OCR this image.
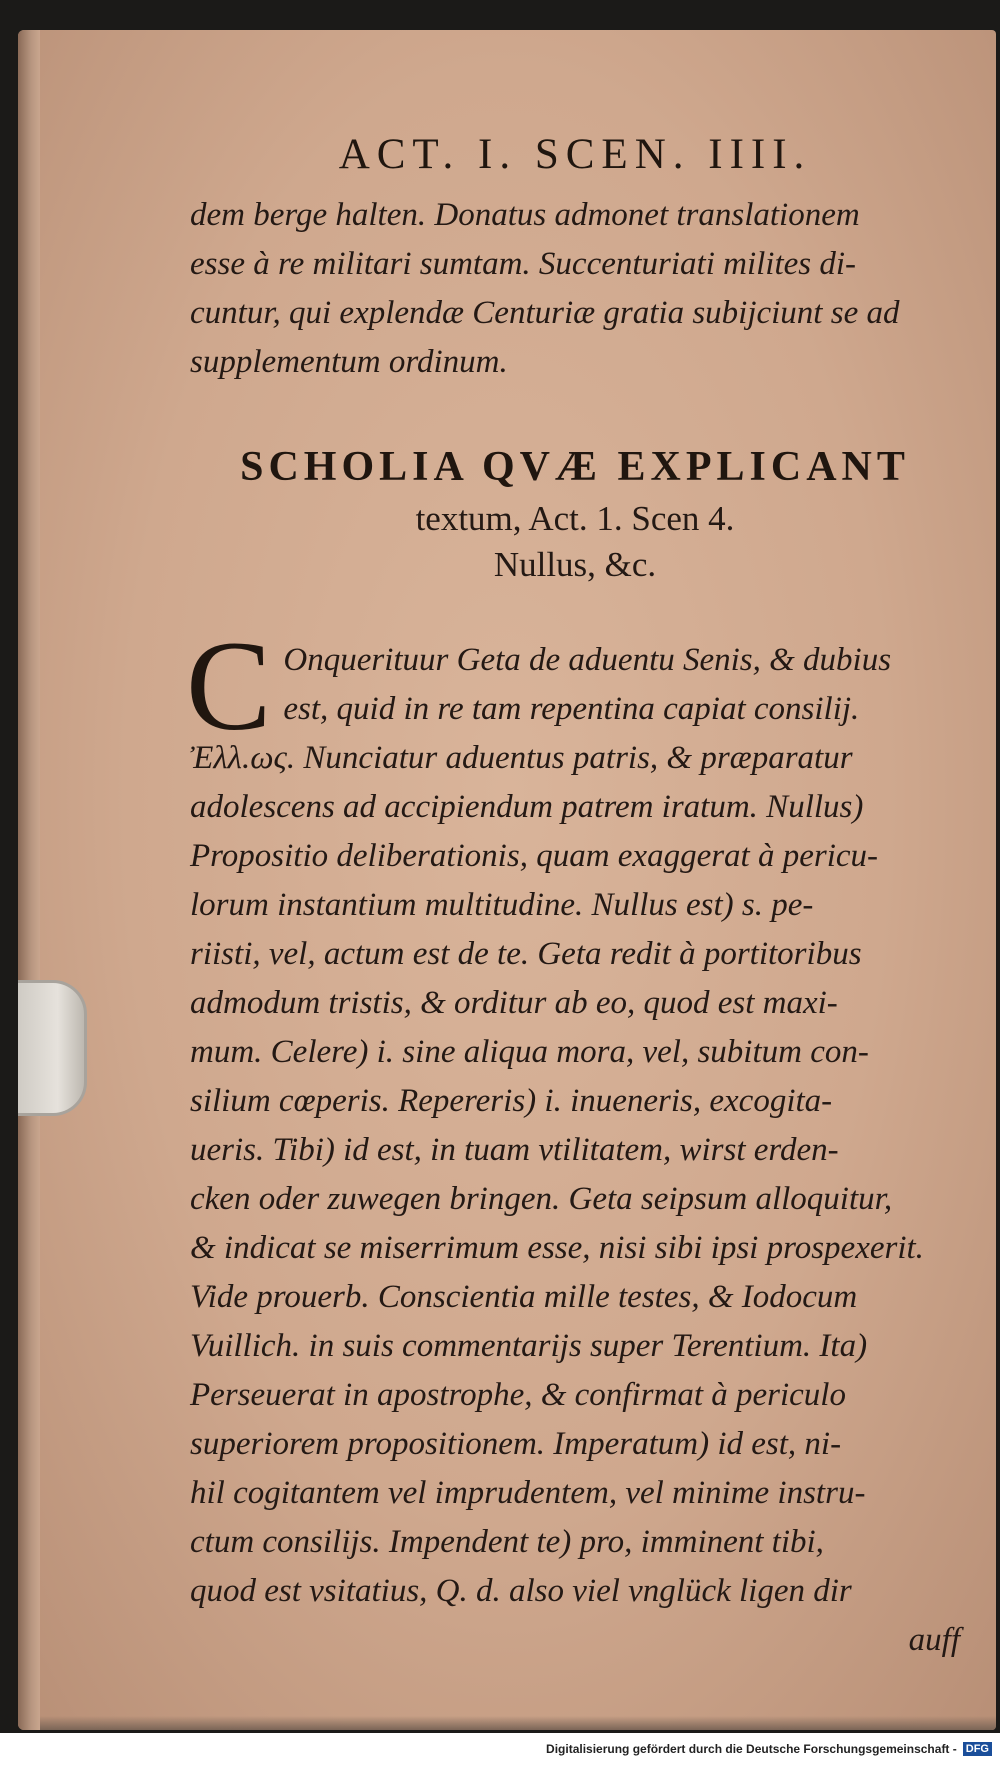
ACT. I. SCEN. IIII.

dem berge halten. Donatus admonet translationem

esse à re militari sumtam. Succenturiati milites di-

cuntur, qui explendæ Centuriæ gratia subijciunt se ad

supplementum ordinum.

SCHOLIA QVÆ EXPLICANT
textum, Act. 1. Scen 4.
Nullus, &c.
C Onquerituur Geta de aduentu Senis, & dubius

est, quid in re tam repentina capiat consilij.

Ἐλλ.ως. Nunciatur aduentus patris, & præparatur

adolescens ad accipiendum patrem iratum. Nullus)

Propositio deliberationis, quam exaggerat à pericu-

lorum instantium multitudine. Nullus est) s. pe-

riisti, vel, actum est de te. Geta redit à portitoribus

admodum tristis, & orditur ab eo, quod est maxi-

mum. Celere) i. sine aliqua mora, vel, subitum con-

silium cœperis. Repereris) i. inueneris, excogita-

ueris. Tibi) id est, in tuam vtilitatem, wirst erden-

cken oder zuwegen bringen. Geta seipsum alloquitur,

& indicat se miserrimum esse, nisi sibi ipsi prospexerit.

Vide prouerb. Conscientia mille testes, & Iodocum

Vuillich. in suis commentarijs super Terentium. Ita)

Perseuerat in apostrophe, & confirmat à periculo

superiorem propositionem. Imperatum) id est, ni-

hil cogitantem vel imprudentem, vel minime instru-

ctum consilijs. Impendent te) pro, imminent tibi,

quod est vsitatius, Q. d. also viel vnglück ligen dir

auff

Digitalisierung gefördert durch die Deutsche Forschungsgemeinschaft - DFG
